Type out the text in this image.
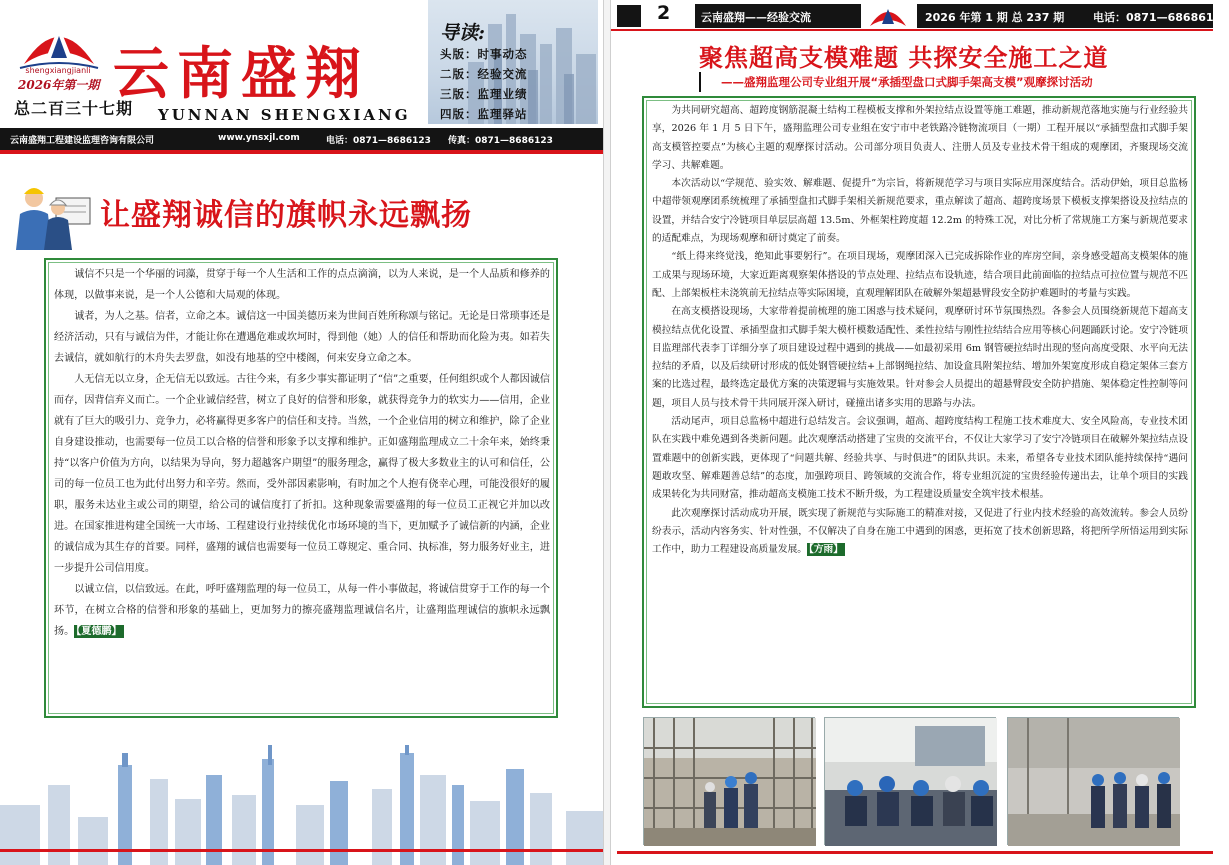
shengxiangjianli
2026年第一期
总二百三十七期
云南盛翔
YUNNAN SHENGXIANG
导读:
头版：时事动态
二版：经验交流
三版：监理业绩
四版：监理驿站
云南盛翔工程建设监理咨询有限公司	www.ynsxjl.com	电话：0871—8686123 传真：0871—8686123
让盛翔诚信的旗帜永远飘扬

诚信不只是一个华丽的词藻，贯穿于每一个人生活和工作的点点滴滴，以为人来说，是一个人品质和修养的体现，以做事来说，是一个人公德和大局观的体现。

诚者，为人之基。信者，立命之本。诚信这一中国美德历来为世间百姓所称颂与铭记。无论是日常琐事还是经济活动，只有与诚信为伴，才能让你在遭遇危难或坎坷时，得到他（她）人的信任和帮助而化险为夷。如若失去诚信，就如航行的木舟失去罗盘，如没有地基的空中楼阁，何来安身立命之本。

人无信无以立身，企无信无以致远。古往今来，有多少事实都证明了“信”之重要，任何组织或个人都因诚信而存，因背信弃义而亡。一个企业诚信经营，树立了良好的信誉和形象，就获得竞争力的软实力——信用，企业就有了巨大的吸引力、竞争力，必将赢得更多客户的信任和支持。当然，一个企业信用的树立和维护，除了企业自身建设推动，也需要每一位员工以合格的信誉和形象予以支撑和维护。正如盛翔监理成立二十余年来，始终秉持“以客户价值为方向，以结果为导向，努力超越客户期望”的服务理念，赢得了极大多数业主的认可和信任，公司的每一位员工也为此付出努力和辛劳。然而，受外部因素影响，有时加之个人抱有侥幸心理，可能没很好的履职，服务未达业主或公司的期望，给公司的诚信度打了折扣。这种现象需要盛翔的每一位员工正视它并加以改进。在国家推进构建全国统一大市场、工程建设行业持续优化市场环境的当下，更加赋予了诚信新的内涵，企业的诚信成为其生存的首要。同样，盛翔的诚信也需要每一位员工尊规定、重合同、执标准，努力服务好业主，进一步提升公司信用度。

以诚立信，以信致远。在此，呼吁盛翔监理的每一位员工，从每一件小事做起，将诚信贯穿于工作的每一个环节，在树立合格的信誉和形象的基础上，更加努力的擦亮盛翔监理诚信名片，让盛翔监理诚信的旗帜永远飘扬。 【夏德鹏】

2	云南盛翔——经验交流	2026 年第 1 期 总 237 期	电话：0871—68686123
聚焦超高支模难题 共探安全施工之道
——盛翔监理公司专业组开展“承插型盘口式脚手架高支模”观摩探讨活动

为共同研究超高、超跨度钢筋混凝土结构工程模板支撑和外架拉结点设置等施工难题，推动新规范落地实施与行业经验共享，2026 年 1 月 5 日下午，盛翔监理公司专业组在安宁市中老铁路冷链物流项目（一期）工程开展以“承插型盘扣式脚手架高支模管控要点”为核心主题的观摩探讨活动。公司部分项目负责人、注册人员及专业技术骨干组成的观摩团，齐聚现场交流学习、共解难题。

本次活动以“学规范、验实效、解难题、促提升”为宗旨，将新规范学习与项目实际应用深度结合。活动伊始，项目总监杨中超带领观摩团系统梳理了承插型盘扣式脚手架相关新规范要求，重点解读了超高、超跨度场景下模板支撑架搭设及拉结点的设置，并结合安宁冷链项目单层层高超 13.5m、外框架柱跨度超 12.2m 的特殊工况，对比分析了常规施工方案与新规范要求的适配难点，为现场观摩和研讨奠定了前奏。

“纸上得来终觉浅，绝知此事要躬行”。在项目现场，观摩团深入已完成拆除作业的库房空间，亲身感受超高支模架体的施工成果与现场环境，大家近距离观察架体搭设的节点处理、拉结点布设轨迹，结合项目此前面临的拉结点可拉位置与规范不匹配、上部架板柱未浇筑前无拉结点等实际困境，直观理解团队在破解外架超悬臂段安全防护难题时的考量与实践。

在高支模搭设现场，大家带着提前梳理的施工困惑与技术疑问，观摩研讨环节氛围热烈。各参会人员围绕新规范下超高支模拉结点优化设置、承插型盘扣式脚手架大模杆模数适配性、柔性拉结与刚性拉结结合应用等核心问题踊跃讨论。安宁冷链项目监理部代表李丁详细分享了项目建设过程中遇到的挑战——如最初采用 6m 钢管硬拉结时出现的竖向高度受限、水平向无法拉结的矛盾，以及后续研讨形成的低处钢管硬拉结+上部钢绳拉结、加设盒具附架拉结、增加外架宽度形成自稳定架体三套方案的比选过程，最终选定最优方案的决策逻辑与实施效果。针对参会人员提出的超悬臂段安全防护措施、架体稳定性控制等问题，项目人员与技术骨干共同展开深入研讨，碰撞出诸多实用的思路与办法。

活动尾声，项目总监杨中超进行总结发言。会议强调，超高、超跨度结构工程施工技术难度大、安全风险高，专业技术团队在实践中难免遇到各类新问题。此次观摩活动搭建了宝贵的交流平台，不仅让大家学习了安宁冷链项目在破解外架拉结点设置难题中的创新实践，更体现了“问题共解、经验共享、与时俱进”的团队共识。未来，希望各专业技术团队能持续保持“遇问题敢攻坚、解难题善总结”的态度，加强跨项目、跨领域的交流合作，将专业组沉淀的宝贵经验传递出去，让单个项目的实践成果转化为共同财富，推动超高支模施工技术不断升级，为工程建设质量安全筑牢技术根基。

此次观摩探讨活动成功开展，既实现了新规范与实际施工的精准对接，又促进了行业内技术经验的高效流转。参会人员纷纷表示，活动内容务实、针对性强，不仅解决了自身在施工中遇到的困惑，更拓宽了技术创新思路，将把所学所悟运用到实际工作中，助力工程建设高质量发展。 【方雨】
